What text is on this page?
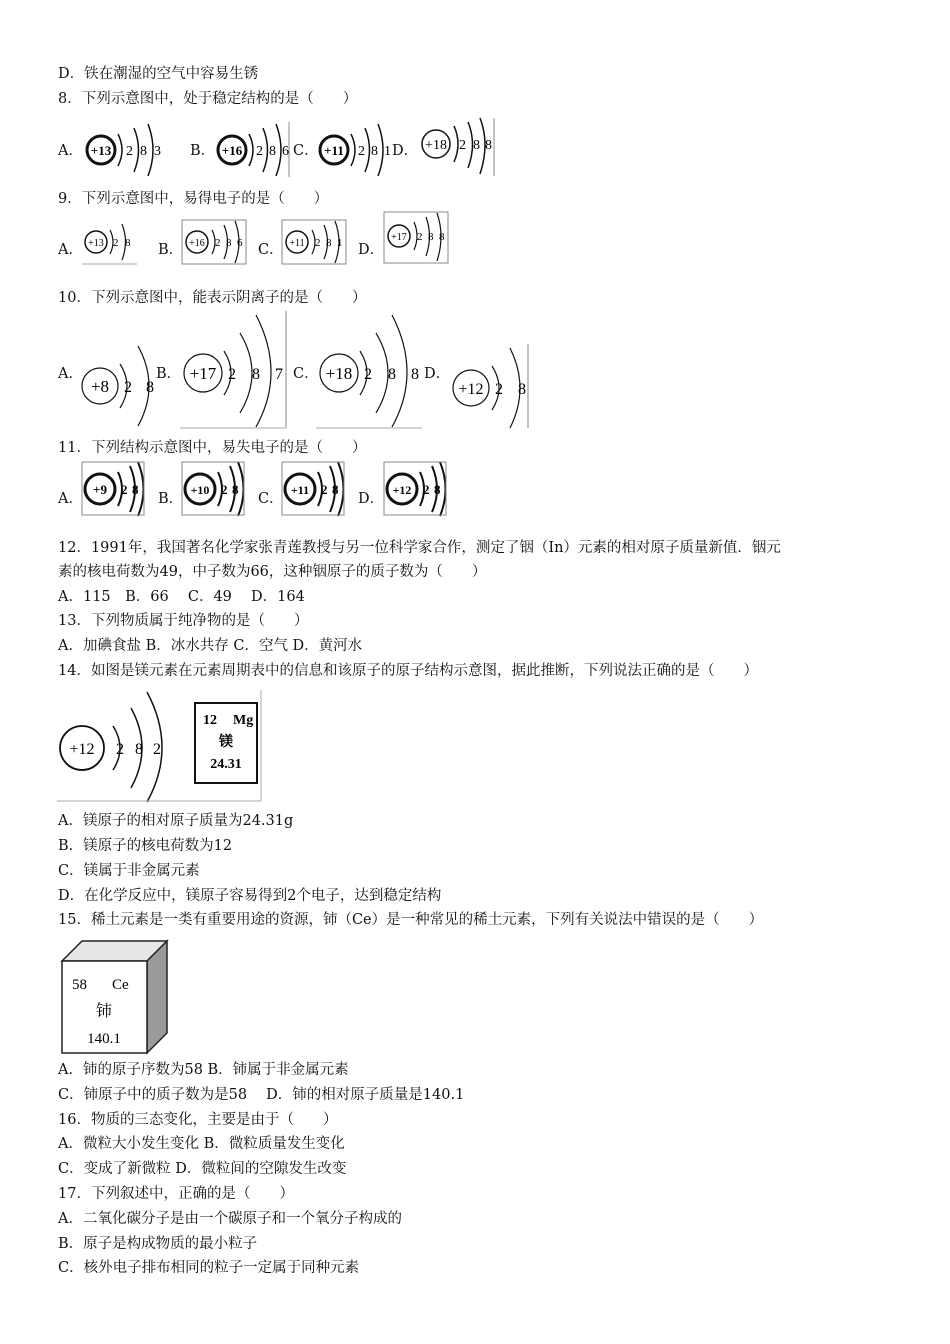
D．铁在潮湿的空气中容易生锈
8．下列示意图中，处于稳定结构的是（　　）
A． +13 2 8 3 B． +16 2 8 6 C． +11 2 8 1 D． +18 2 8 8
9．下列示意图中，易得电子的是（　　）
A． +13 2 8 B． +16 2 8 6 C． +11 2 8 1 D．
+17 2 8 8
10．下列示意图中，能表示阴离子的是（　　）
A．
+8 2 8
B． +17 2 8 7 C． +18 2 8 8 D．
+12 2 8
11．下列结构示意图中，易失电子的是（　　）
A．
+9 2 8
B．
+10 2 8
C．
+11 2 8
D．
+12 2 8
12．1991年，我国著名化学家张青莲教授与另一位科学家合作，测定了铟（In）元素的相对原子质量新值．铟元
素的核电荷数为49，中子数为66，这种铟原子的质子数为（　　）
A．115　B．66　 C．49　 D．164
13．下列物质属于纯净物的是（　　）
A．加碘食盐 B．冰水共存 C．空气 D．黄河水
14．如图是镁元素在元素周期表中的信息和该原子的原子结构示意图，据此推断，下列说法正确的是（　　）
+12 2 8 2
12 Mg
镁
24.31
A．镁原子的相对原子质量为24.31g
B．镁原子的核电荷数为12
C．镁属于非金属元素
D．在化学反应中，镁原子容易得到2个电子，达到稳定结构
15．稀土元素是一类有重要用途的资源，铈（Ce）是一种常见的稀土元素，下列有关说法中错误的是（　　）
58 Ce
铈
140.1
A．铈的原子序数为58 B．铈属于非金属元素
C．铈原子中的质子数为是58　 D．铈的相对原子质量是140.1
16．物质的三态变化，主要是由于（　　）
A．微粒大小发生变化 B．微粒质量发生变化
C．变成了新微粒 D．微粒间的空隙发生改变
17．下列叙述中，正确的是（　　）
A．二氧化碳分子是由一个碳原子和一个氧分子构成的
B．原子是构成物质的最小粒子
C．核外电子排布相同的粒子一定属于同种元素
